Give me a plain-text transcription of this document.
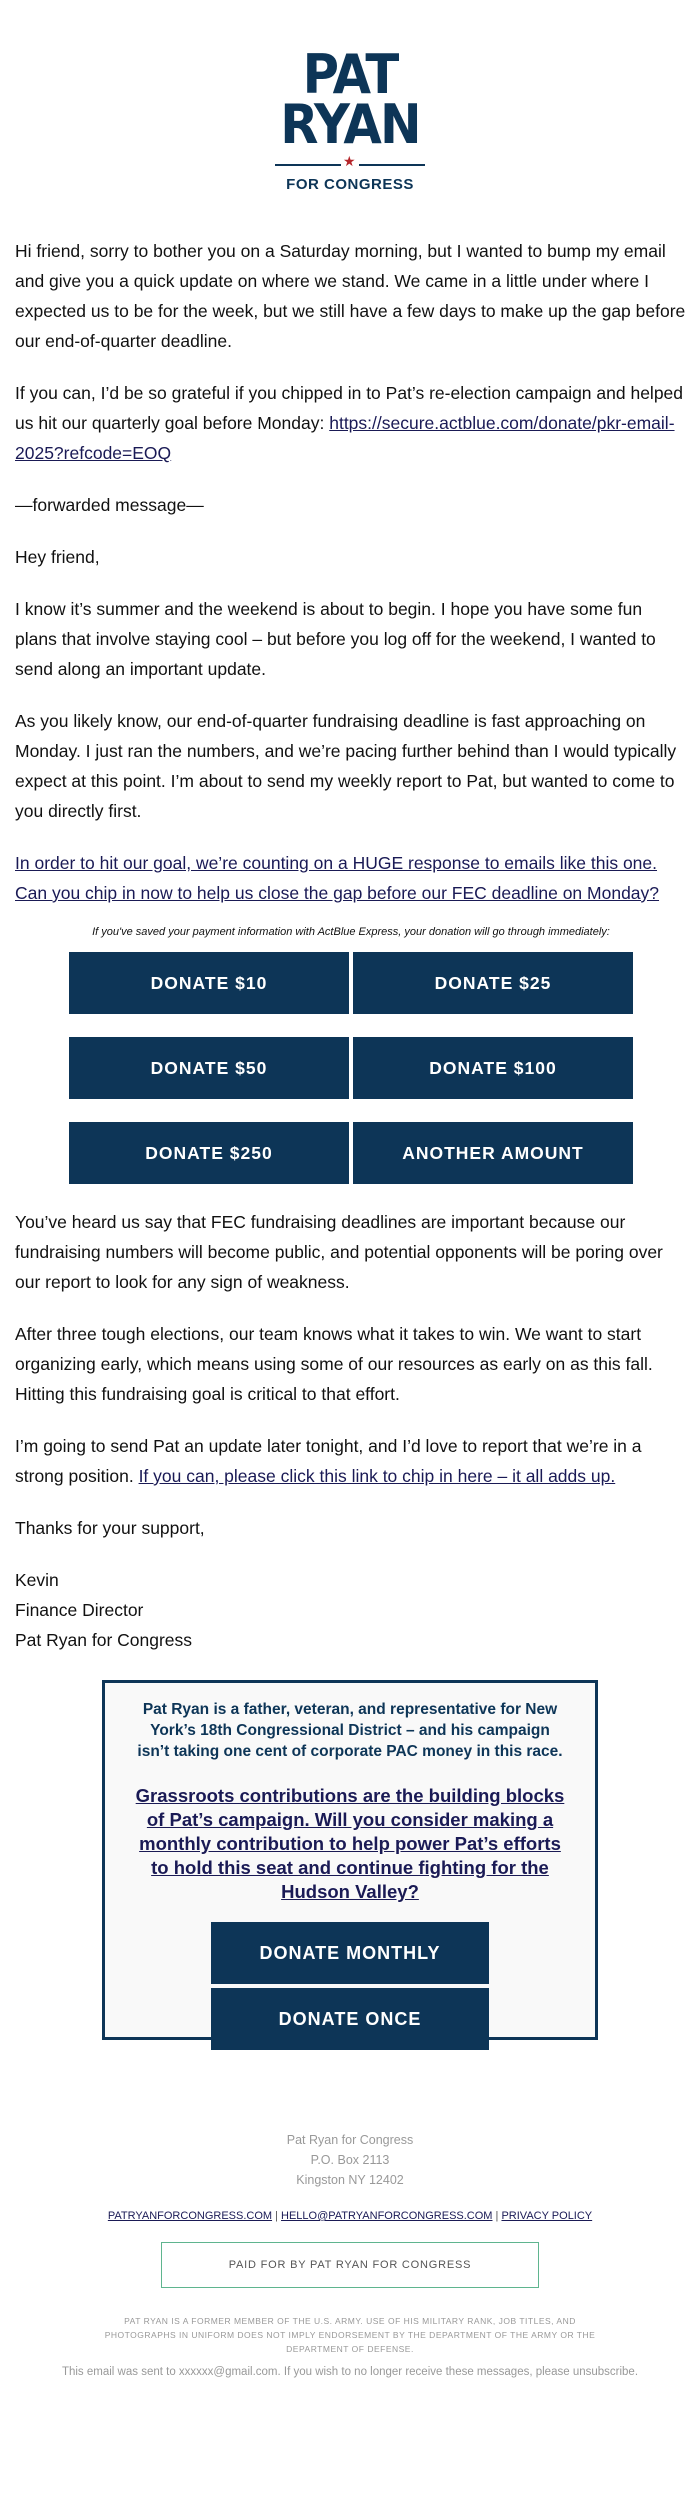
PAT
RYAN
★
FOR CONGRESS

Hi friend, sorry to bother you on a Saturday morning, but I wanted to bump my email and give you a quick update on where we stand. We came in a little under where I expected us to be for the week, but we still have a few days to make up the gap before our end-of-quarter deadline.

If you can, I’d be so grateful if you chipped in to Pat’s re-election campaign and helped us hit our quarterly goal before Monday: https://secure.actblue.com/donate/pkr-email-2025?refcode=EOQ

—forwarded message—

Hey friend,

I know it’s summer and the weekend is about to begin. I hope you have some fun plans that involve staying cool – but before you log off for the weekend, I wanted to send along an important update.

As you likely know, our end-of-quarter fundraising deadline is fast approaching on Monday. I just ran the numbers, and we’re pacing further behind than I would typically expect at this point. I’m about to send my weekly report to Pat, but wanted to come to you directly first.

In order to hit our goal, we’re counting on a HUGE response to emails like this one. Can you chip in now to help us close the gap before our FEC deadline on Monday?

If you've saved your payment information with ActBlue Express, your donation will go through immediately:

DONATE $10	DONATE $25
DONATE $50	DONATE $100
DONATE $250	ANOTHER AMOUNT

You’ve heard us say that FEC fundraising deadlines are important because our fundraising numbers will become public, and potential opponents will be poring over our report to look for any sign of weakness.

After three tough elections, our team knows what it takes to win. We want to start organizing early, which means using some of our resources as early on as this fall. Hitting this fundraising goal is critical to that effort.

I’m going to send Pat an update later tonight, and I’d love to report that we’re in a strong position. If you can, please click this link to chip in here – it all adds up.

Thanks for your support,

Kevin
Finance Director
Pat Ryan for Congress

Pat Ryan is a father, veteran, and representative for New York’s 18th Congressional District – and his campaign isn’t taking one cent of corporate PAC money in this race.
Grassroots contributions are the building blocks of Pat’s campaign. Will you consider making a monthly contribution to help power Pat’s efforts to hold this seat and continue fighting for the Hudson Valley?
DONATE MONTHLY
DONATE ONCE
Pat Ryan for Congress
P.O. Box 2113
Kingston NY 12402
PATRYANFORCONGRESS.COM | HELLO@PATRYANFORCONGRESS.COM | PRIVACY POLICY
PAID FOR BY PAT RYAN FOR CONGRESS
PAT RYAN IS A FORMER MEMBER OF THE U.S. ARMY. USE OF HIS MILITARY RANK, JOB TITLES, AND PHOTOGRAPHS IN UNIFORM DOES NOT IMPLY ENDORSEMENT BY THE DEPARTMENT OF THE ARMY OR THE DEPARTMENT OF DEFENSE.
This email was sent to xxxxxx@gmail.com. If you wish to no longer receive these messages, please unsubscribe.
